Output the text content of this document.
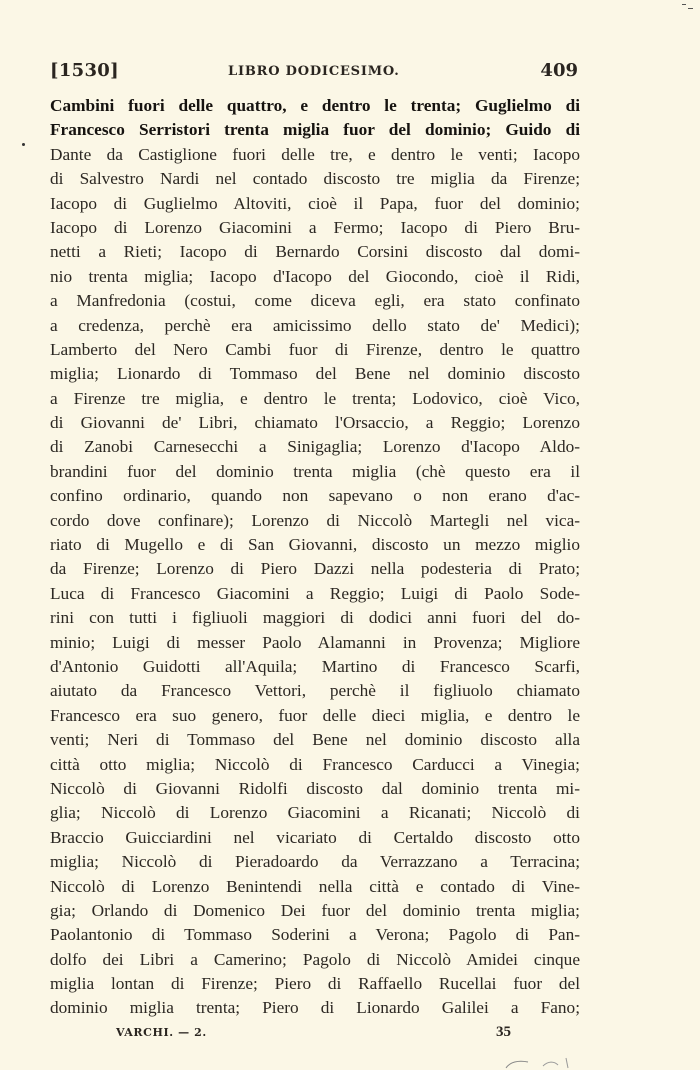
[1530]	LIBRO DODICESIMO.	409
Cambini fuori delle quattro, e dentro le trenta; Guglielmo di
Francesco Serristori trenta miglia fuor del dominio; Guido di
Dante da Castiglione fuori delle tre, e dentro le venti; Iacopo
di Salvestro Nardi nel contado discosto tre miglia da Firenze;
Iacopo di Guglielmo Altoviti, cioè il Papa, fuor del dominio;
Iacopo di Lorenzo Giacomini a Fermo; Iacopo di Piero Bru-
netti a Rieti; Iacopo di Bernardo Corsini discosto dal domi-
nio trenta miglia; Iacopo d'Iacopo del Giocondo, cioè il Ridi,
a Manfredonia (costui, come diceva egli, era stato confinato
a credenza, perchè era amicissimo dello stato de' Medici);
Lamberto del Nero Cambi fuor di Firenze, dentro le quattro
miglia; Lionardo di Tommaso del Bene nel dominio discosto
a Firenze tre miglia, e dentro le trenta; Lodovico, cioè Vico,
di Giovanni de' Libri, chiamato l'Orsaccio, a Reggio; Lorenzo
di Zanobi Carnesecchi a Sinigaglia; Lorenzo d'Iacopo Aldo-
brandini fuor del dominio trenta miglia (chè questo era il
confino ordinario, quando non sapevano o non erano d'ac-
cordo dove confinare); Lorenzo di Niccolò Martegli nel vica-
riato di Mugello e di San Giovanni, discosto un mezzo miglio
da Firenze; Lorenzo di Piero Dazzi nella podesteria di Prato;
Luca di Francesco Giacomini a Reggio; Luigi di Paolo Sode-
rini con tutti i figliuoli maggiori di dodici anni fuori del do-
minio; Luigi di messer Paolo Alamanni in Provenza; Migliore
d'Antonio Guidotti all'Aquila; Martino di Francesco Scarfi,
aiutato da Francesco Vettori, perchè il figliuolo chiamato
Francesco era suo genero, fuor delle dieci miglia, e dentro le
venti; Neri di Tommaso del Bene nel dominio discosto alla
città otto miglia; Niccolò di Francesco Carducci a Vinegia;
Niccolò di Giovanni Ridolfi discosto dal dominio trenta mi-
glia; Niccolò di Lorenzo Giacomini a Ricanati; Niccolò di
Braccio Guicciardini nel vicariato di Certaldo discosto otto
miglia; Niccolò di Pieradoardo da Verrazzano a Terracina;
Niccolò di Lorenzo Benintendi nella città e contado di Vine-
gia; Orlando di Domenico Dei fuor del dominio trenta miglia;
Paolantonio di Tommaso Soderini a Verona; Pagolo di Pan-
dolfo dei Libri a Camerino; Pagolo di Niccolò Amidei cinque
miglia lontan di Firenze; Piero di Raffaello Rucellai fuor del
dominio miglia trenta; Piero di Lionardo Galilei a Fano;
VARCHI. — 2.	35
